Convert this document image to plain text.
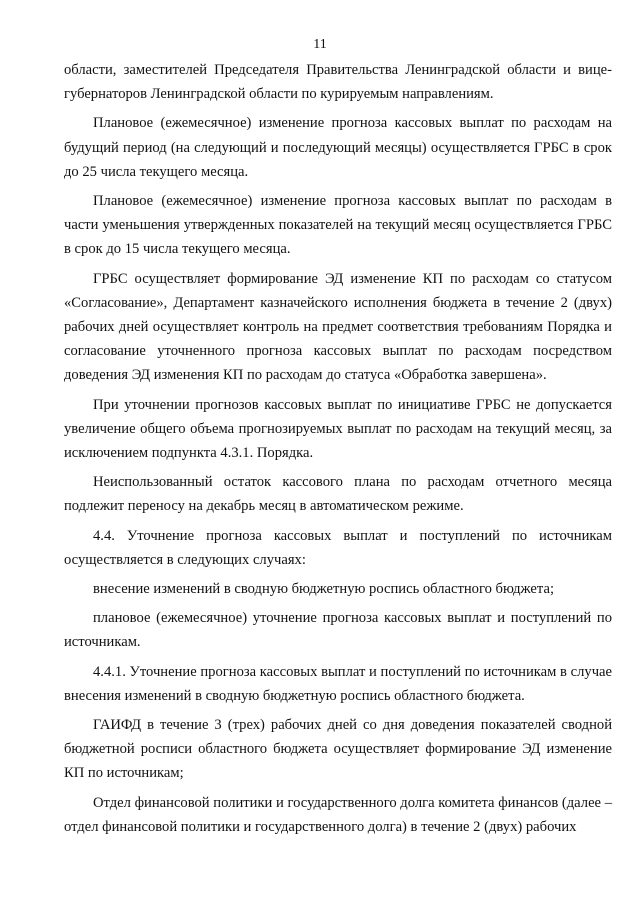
11

области, заместителей Председателя Правительства Ленинградской области и вице-губернаторов Ленинградской области по курируемым направлениям.

Плановое (ежемесячное) изменение прогноза кассовых выплат по расходам на будущий период (на следующий и последующий месяцы) осуществляется ГРБС в срок до 25 числа текущего месяца.

Плановое (ежемесячное) изменение прогноза кассовых выплат по расходам в части уменьшения утвержденных показателей на текущий месяц осуществляется ГРБС в срок до 15 числа текущего месяца.

ГРБС осуществляет формирование ЭД изменение КП по расходам со статусом «Согласование», Департамент казначейского исполнения бюджета в течение 2 (двух) рабочих дней осуществляет контроль на предмет соответствия требованиям Порядка и согласование уточненного прогноза кассовых выплат по расходам посредством доведения ЭД изменения КП по расходам до статуса «Обработка завершена».

При уточнении прогнозов кассовых выплат по инициативе ГРБС не допускается увеличение общего объема прогнозируемых выплат по расходам на текущий месяц, за исключением подпункта 4.3.1. Порядка.

Неиспользованный остаток кассового плана по расходам отчетного месяца подлежит переносу на декабрь месяц в автоматическом режиме.

4.4. Уточнение прогноза кассовых выплат и поступлений по источникам осуществляется в следующих случаях:

внесение изменений в сводную бюджетную роспись областного бюджета;

плановое (ежемесячное) уточнение прогноза кассовых выплат и поступлений по источникам.

4.4.1. Уточнение прогноза кассовых выплат и поступлений по источникам в случае внесения изменений в сводную бюджетную роспись областного бюджета.

ГАИФД в течение 3 (трех) рабочих дней со дня доведения показателей сводной бюджетной росписи областного бюджета осуществляет формирование ЭД изменение КП по источникам;

Отдел финансовой политики и государственного долга комитета финансов (далее – отдел финансовой политики и государственного долга) в течение 2 (двух) рабочих
